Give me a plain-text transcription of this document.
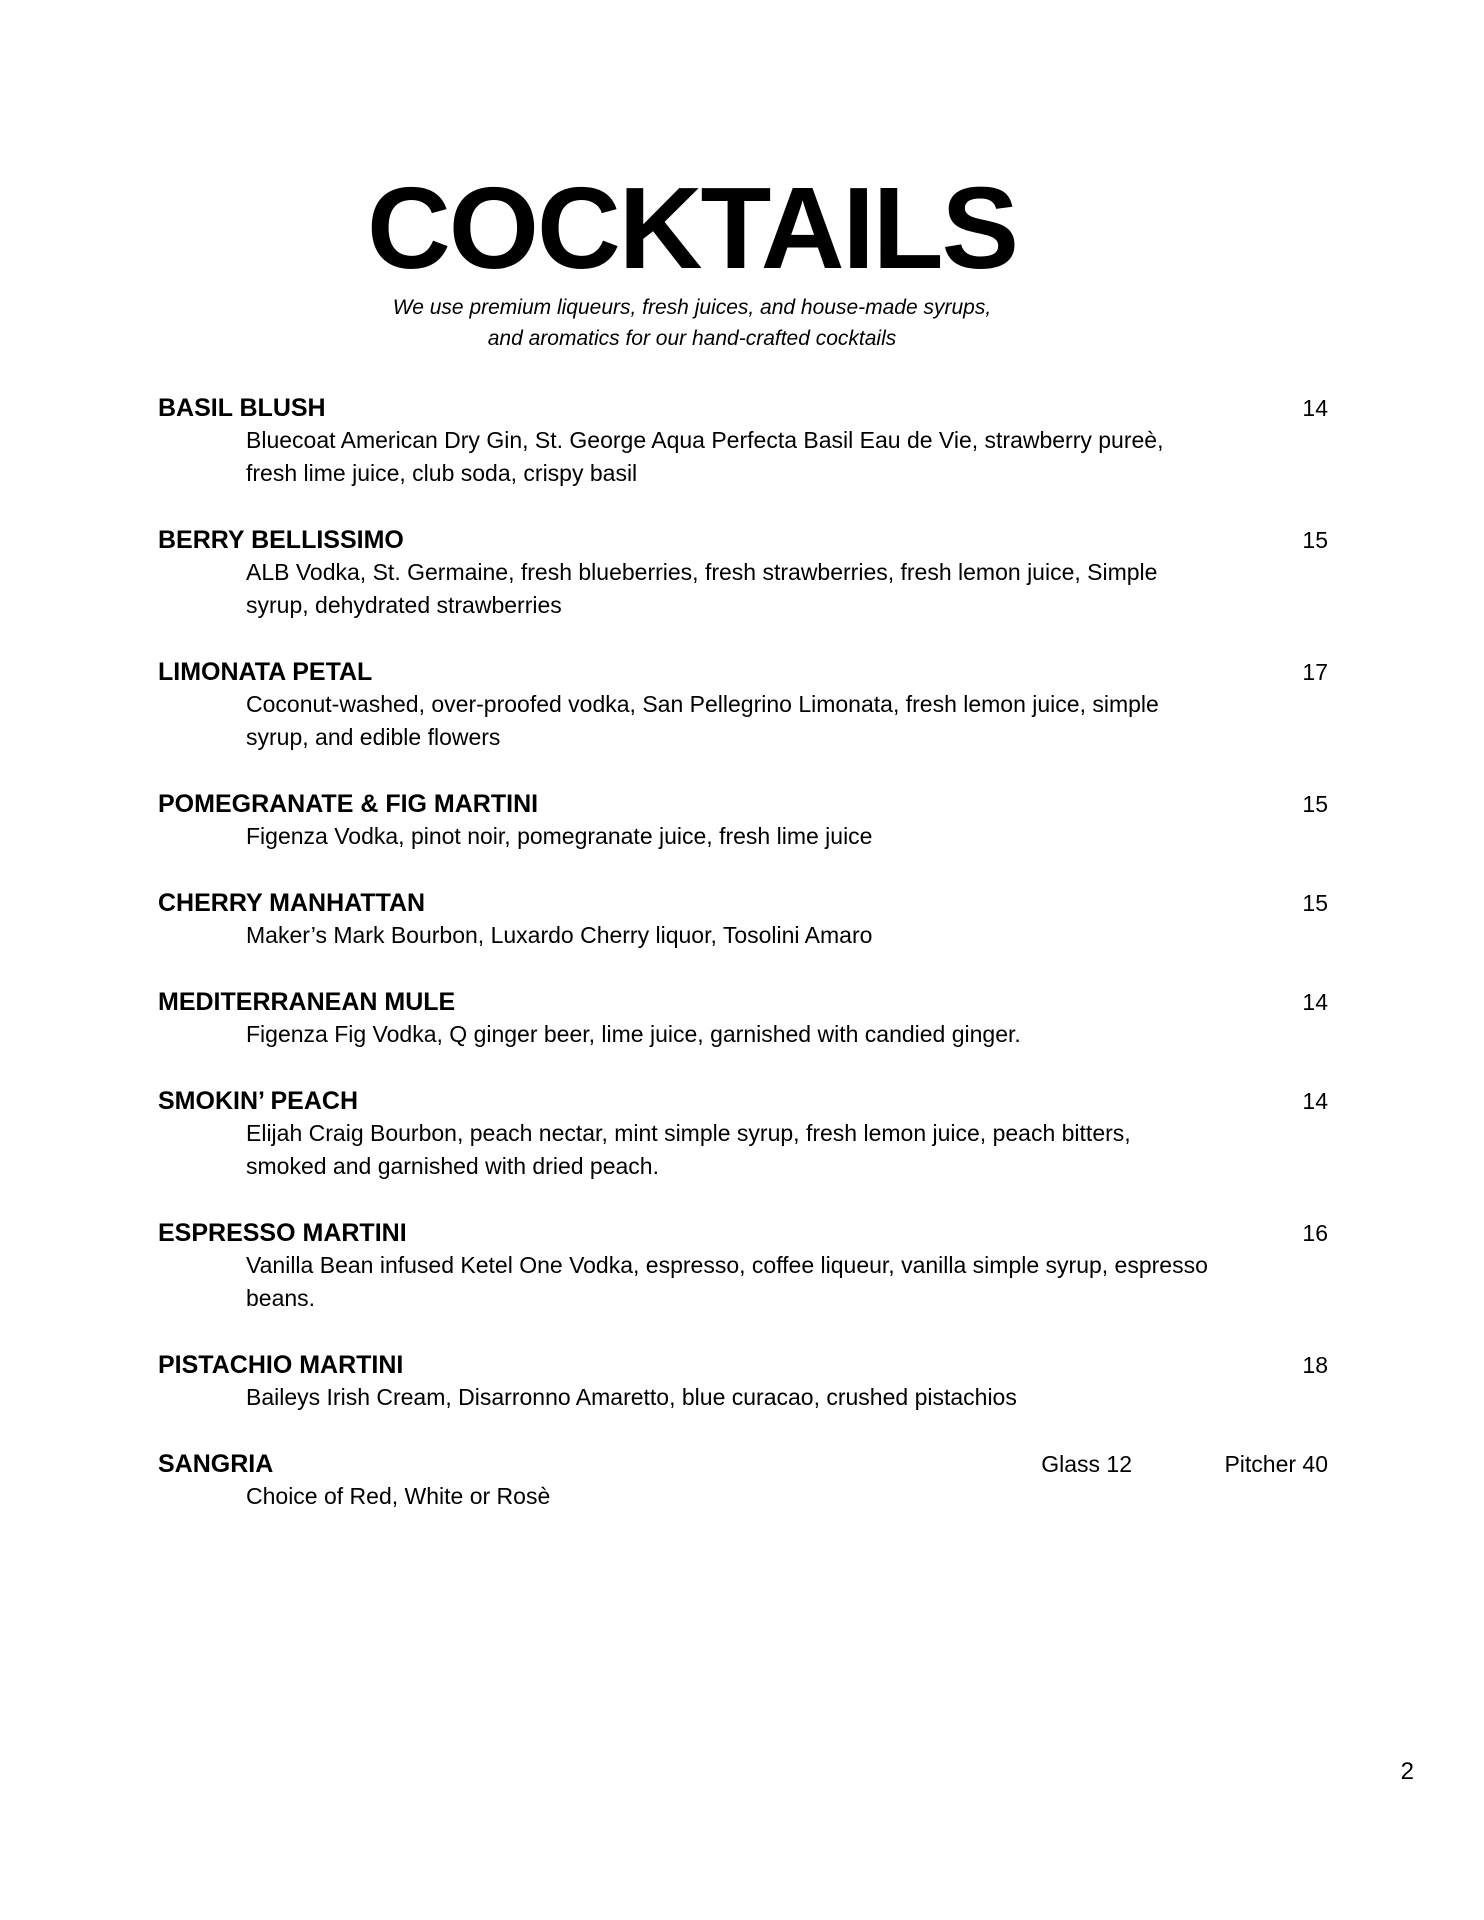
COCKTAILS
We use premium liqueurs, fresh juices, and house-made syrups,
and aromatics for our hand-crafted cocktails
BASIL BLUSH	14
Bluecoat American Dry Gin, St. George Aqua Perfecta Basil Eau de Vie, strawberry pureè, fresh lime juice, club soda, crispy basil
BERRY BELLISSIMO	15
ALB Vodka, St. Germaine, fresh blueberries, fresh strawberries, fresh lemon juice, Simple syrup, dehydrated strawberries
LIMONATA PETAL	17
Coconut-washed, over-proofed vodka, San Pellegrino Limonata, fresh lemon juice, simple syrup, and edible flowers
POMEGRANATE & FIG MARTINI	15
Figenza Vodka, pinot noir, pomegranate juice, fresh lime juice
CHERRY MANHATTAN	15
Maker’s Mark Bourbon, Luxardo Cherry liquor, Tosolini Amaro
MEDITERRANEAN MULE	14
Figenza Fig Vodka, Q ginger beer, lime juice, garnished with candied ginger.
SMOKIN’ PEACH	14
Elijah Craig Bourbon, peach nectar, mint simple syrup, fresh lemon juice, peach bitters, smoked and garnished with dried peach.
ESPRESSO MARTINI	16
Vanilla Bean infused Ketel One Vodka, espresso, coffee liqueur, vanilla simple syrup, espresso beans.
PISTACHIO MARTINI	18
Baileys Irish Cream, Disarronno Amaretto, blue curacao, crushed pistachios
SANGRIA	Glass 12	Pitcher 40
Choice of Red, White or Rosè
2
